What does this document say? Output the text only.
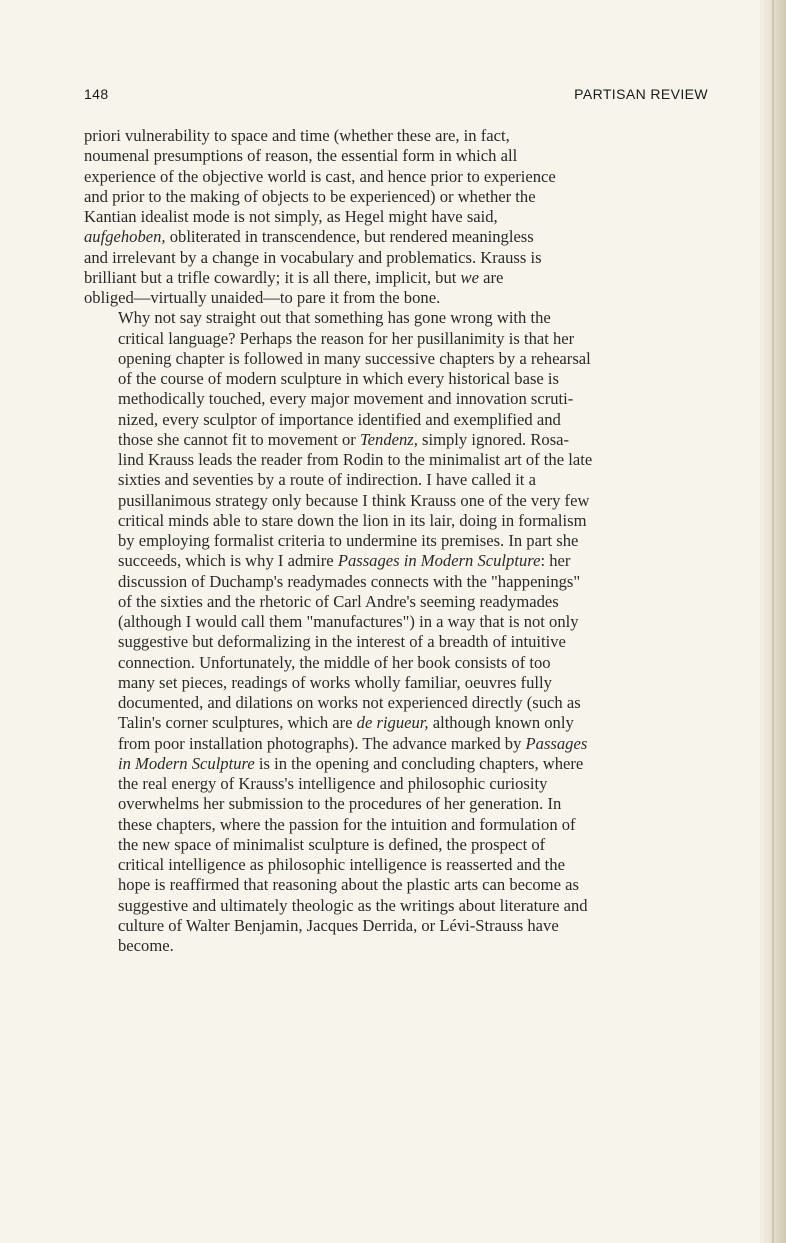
148	PARTISAN REVIEW

priori vulnerability to space and time (whether these are, in fact,
noumenal presumptions of reason, the essential form in which all
experience of the objective world is cast, and hence prior to experience
and prior to the making of objects to be experienced) or whether the
Kantian idealist mode is not simply, as Hegel might have said,
aufgehoben, obliterated in transcendence, but rendered meaningless
and irrelevant by a change in vocabulary and problematics. Krauss is
brilliant but a trifle cowardly; it is all there, implicit, but we are
obliged—virtually unaided—to pare it from the bone.

Why not say straight out that something has gone wrong with the
critical language? Perhaps the reason for her pusillanimity is that her
opening chapter is followed in many successive chapters by a rehearsal
of the course of modern sculpture in which every historical base is
methodically touched, every major movement and innovation scruti-
nized, every sculptor of importance identified and exemplified and
those she cannot fit to movement or Tendenz, simply ignored. Rosa-
lind Krauss leads the reader from Rodin to the minimalist art of the late
sixties and seventies by a route of indirection. I have called it a
pusillanimous strategy only because I think Krauss one of the very few
critical minds able to stare down the lion in its lair, doing in formalism
by employing formalist criteria to undermine its premises. In part she
succeeds, which is why I admire Passages in Modern Sculpture: her
discussion of Duchamp's readymades connects with the "happenings"
of the sixties and the rhetoric of Carl Andre's seeming readymades
(although I would call them "manufactures") in a way that is not only
suggestive but deformalizing in the interest of a breadth of intuitive
connection. Unfortunately, the middle of her book consists of too
many set pieces, readings of works wholly familiar, oeuvres fully
documented, and dilations on works not experienced directly (such as
Talin's corner sculptures, which are de rigueur, although known only
from poor installation photographs). The advance marked by Passages
in Modern Sculpture is in the opening and concluding chapters, where
the real energy of Krauss's intelligence and philosophic curiosity
overwhelms her submission to the procedures of her generation. In
these chapters, where the passion for the intuition and formulation of
the new space of minimalist sculpture is defined, the prospect of
critical intelligence as philosophic intelligence is reasserted and the
hope is reaffirmed that reasoning about the plastic arts can become as
suggestive and ultimately theologic as the writings about literature and
culture of Walter Benjamin, Jacques Derrida, or Lévi-Strauss have
become.
